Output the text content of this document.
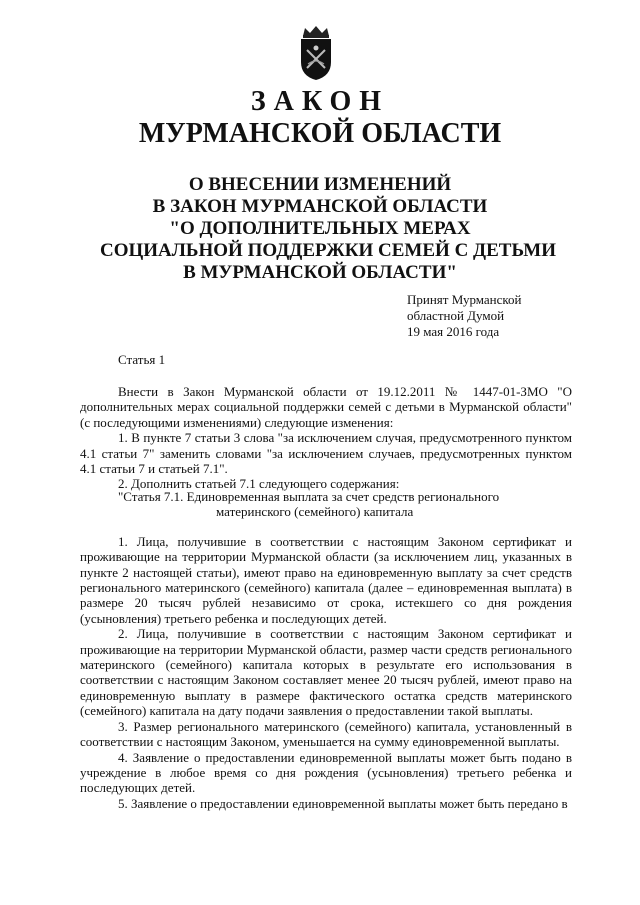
ЗАКОН
МУРМАНСКОЙ ОБЛАСТИ
О ВНЕСЕНИИ ИЗМЕНЕНИЙ
В ЗАКОН МУРМАНСКОЙ ОБЛАСТИ
"О ДОПОЛНИТЕЛЬНЫХ МЕРАХ
СОЦИАЛЬНОЙ ПОДДЕРЖКИ СЕМЕЙ С ДЕТЬМИ
В МУРМАНСКОЙ ОБЛАСТИ"
Принят Мурманской
областной Думой
19 мая 2016 года
Статья 1

Внести в Закон Мурманской области от 19.12.2011 № 1447-01-ЗМО "О дополнительных мерах социальной поддержки семей с детьми в Мурманской области" (с последующими изменениями) следующие изменения:

1. В пункте 7 статьи 3 слова "за исключением случая, предусмотренного пунктом 4.1 статьи 7" заменить словами "за исключением случаев, предусмотренных пунктом 4.1 статьи 7 и статьей 7.1".

2. Дополнить статьей 7.1 следующего содержания:

"Статья 7.1. Единовременная выплата за счет средств регионального

материнского (семейного) капитала

1. Лица, получившие в соответствии с настоящим Законом сертификат и проживающие на территории Мурманской области (за исключением лиц, указанных в пункте 2 настоящей статьи), имеют право на единовременную выплату за счет средств регионального материнского (семейного) капитала (далее – единовременная выплата) в размере 20 тысяч рублей независимо от срока, истекшего со дня рождения (усыновления) третьего ребенка и последующих детей.

2. Лица, получившие в соответствии с настоящим Законом сертификат и проживающие на территории Мурманской области, размер части средств регионального материнского (семейного) капитала которых в результате его использования в соответствии с настоящим Законом составляет менее 20 тысяч рублей, имеют право на единовременную выплату в размере фактического остатка средств материнского (семейного) капитала на дату подачи заявления о предоставлении такой выплаты.

3. Размер регионального материнского (семейного) капитала, установленный в соответствии с настоящим Законом, уменьшается на сумму единовременной выплаты.

4. Заявление о предоставлении единовременной выплаты может быть подано в учреждение в любое время со дня рождения (усыновления) третьего ребенка и последующих детей.

5. Заявление о предоставлении единовременной выплаты может быть передано в
